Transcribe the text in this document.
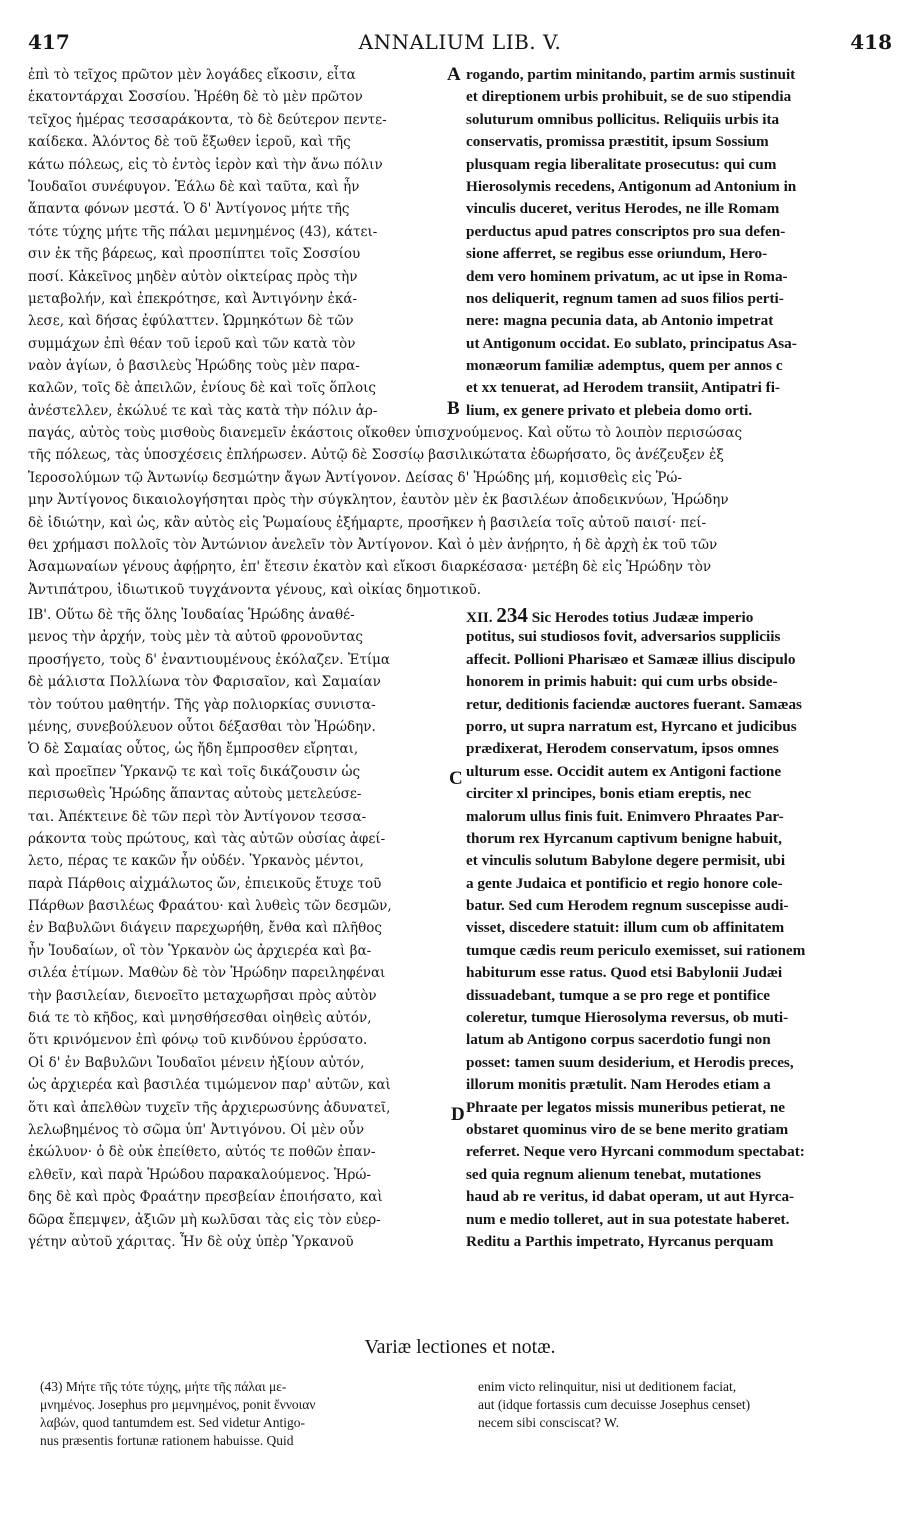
417	ANNALIUM LIB. V.	418
ἐπὶ τὸ τεῖχος πρῶτον μὲν λογάδες εἴκοσιν, εἶτα
ἑκατοντάρχαι Σοσσίου. Ἡρέθη δὲ τὸ μὲν πρῶτον
τεῖχος ἡμέρας τεσσαράκοντα, τὸ δὲ δεύτερον πεντε-
καίδεκα. Ἁλόντος δὲ τοῦ ἔξωθεν ἱεροῦ, καὶ τῆς
κάτω πόλεως, εἰς τὸ ἐντὸς ἱερὸν καὶ τὴν ἄνω πόλιν
Ἰουδαῖοι συνέφυγον. Ἑάλω δὲ καὶ ταῦτα, καὶ ἦν
ἅπαντα φόνων μεστά. Ὁ δ' Ἀντίγονος μήτε τῆς
τότε τύχης μήτε τῆς πάλαι μεμνημένος (43), κάτει-
σιν ἐκ τῆς βάρεως, καὶ προσπίπτει τοῖς Σοσσίου
ποσί. Κἀκεῖνος μηδὲν αὐτὸν οἰκτείρας πρὸς τὴν
μεταβολήν, καὶ ἐπεκρότησε, καὶ Ἀντιγόνην ἐκά-
λεσε, καὶ δήσας ἐφύλαττεν. Ὡρμηκότων δὲ τῶν
συμμάχων ἐπὶ θέαν τοῦ ἱεροῦ καὶ τῶν κατὰ τὸν
ναὸν ἁγίων, ὁ βασιλεὺς Ἡρώδης τοὺς μὲν παρα-
καλῶν, τοῖς δὲ ἀπειλῶν, ἐνίους δὲ καὶ τοῖς ὅπλοις
rogando, partim minitando, partim armis sustinuit
et direptionem urbis prohibuit, se de suo stipendia
soluturum omnibus pollicitus. Reliquiis urbis ita
conservatis, promissa præstitit, ipsum Sossium
plusquam regia liberalitate prosecutus: qui cum
Hierosolymis recedens, Antigonum ad Antonium in
vinculis duceret, veritus Herodes, ne ille Romam
perductus apud patres conscriptos pro sua defen-
sione afferret, se regibus esse oriundum, Hero-
dem vero hominem privatum, ac ut ipse in Roma-
nos deliquerit, regnum tamen ad suos filios perti-
nere: magna pecunia data, ab Antonio impetrat
ut Antigonum occidat. Eo sublato, principatus Asa-
monæorum familiæ ademptus, quem per annos c
et xx tenuerat, ad Herodem transiit, Antipatri fi-
A
ἀνέστελλεν, ἐκώλυέ τε καὶ τὰς κατὰ τὴν πόλιν ἁρ-	B lium, ex genere privato et plebeia domo orti.
παγάς, αὐτὸς τοὺς μισθοὺς διανεμεῖν ἑκάστοις οἴκοθεν ὑπισχνούμενος. Καὶ οὕτω τὸ λοιπὸν περισώσας
τῆς πόλεως, τὰς ὑποσχέσεις ἐπλήρωσεν. Αὐτῷ δὲ Σοσσίῳ βασιλικώτατα ἐδωρήσατο, ὃς ἀνέζευξεν ἐξ
Ἱεροσολύμων τῷ Ἀντωνίῳ δεσμώτην ἄγων Ἀντίγονον. Δείσας δ' Ἡρώδης μή, κομισθεὶς εἰς Ῥώ-
μην Ἀντίγονος δικαιολογήσηται πρὸς τὴν σύγκλητον, ἑαυτὸν μὲν ἐκ βασιλέων ἀποδεικνύων, Ἡρώδην
δὲ ἰδιώτην, καὶ ὡς, κἂν αὐτὸς εἰς Ῥωμαίους ἐξήμαρτε, προσῆκεν ἡ βασιλεία τοῖς αὐτοῦ παισί· πεί-
θει χρήμασι πολλοῖς τὸν Ἀντώνιον ἀνελεῖν τὸν Ἀντίγονον. Καὶ ὁ μὲν ἀνῄρητο, ἡ δὲ ἀρχὴ ἐκ τοῦ τῶν
Ἀσαμωναίων γένους ἀφῄρητο, ἐπ' ἔτεσιν ἑκατὸν καὶ εἴκοσι διαρκέσασα· μετέβη δὲ εἰς Ἡρώδην τὸν
Ἀντιπάτρου, ἰδιωτικοῦ τυγχάνοντα γένους, καὶ οἰκίας δημοτικοῦ.
ΙΒ'. Οὕτω δὲ τῆς ὅλης Ἰουδαίας Ἡρώδης ἀναθέ-
μενος τὴν ἀρχήν, τοὺς μὲν τὰ αὐτοῦ φρονοῦντας
προσήγετο, τοὺς δ' ἐναντιουμένους ἐκόλαζεν. Ἐτίμα
δὲ μάλιστα Πολλίωνα τὸν Φαρισαῖον, καὶ Σαμαίαν
τὸν τούτου μαθητήν. Τῆς γὰρ πολιορκίας συνιστα-
μένης, συνεβούλευον οὗτοι δέξασθαι τὸν Ἡρώδην.
Ὁ δὲ Σαμαίας οὗτος, ὡς ἤδη ἔμπροσθεν εἴρηται,
καὶ προεῖπεν Ὑρκανῷ τε καὶ τοῖς δικάζουσιν ὡς
περισωθεὶς Ἡρώδης ἅπαντας αὐτοὺς μετελεύσε-
ται. Ἀπέκτεινε δὲ τῶν περὶ τὸν Ἀντίγονον τεσσα-
ράκοντα τοὺς πρώτους, καὶ τὰς αὐτῶν οὐσίας ἀφεί-
λετο, πέρας τε κακῶν ἦν οὐδέν. Ὑρκανὸς μέντοι,
παρὰ Πάρθοις αἰχμάλωτος ὤν, ἐπιεικοῦς ἔτυχε τοῦ
Πάρθων βασιλέως Φραάτου· καὶ λυθεὶς τῶν δεσμῶν,
ἐν Βαβυλῶνι διάγειν παρεχωρήθη, ἔνθα καὶ πλῆθος
ἦν Ἰουδαίων, οἳ τὸν Ὑρκανὸν ὡς ἀρχιερέα καὶ βα-
σιλέα ἐτίμων. Μαθὼν δὲ τὸν Ἡρώδην παρειληφέναι
τὴν βασιλείαν, διενοεῖτο μεταχωρῆσαι πρὸς αὐτὸν
διά τε τὸ κῆδος, καὶ μνησθήσεσθαι οἰηθεὶς αὐτόν,
ὅτι κρινόμενον ἐπὶ φόνῳ τοῦ κινδύνου ἐρρύσατο.
Οἱ δ' ἐν Βαβυλῶνι Ἰουδαῖοι μένειν ἠξίουν αὐτόν,
ὡς ἀρχιερέα καὶ βασιλέα τιμώμενον παρ' αὐτῶν, καὶ
ὅτι καὶ ἀπελθὼν τυχεῖν τῆς ἀρχιερωσύνης ἀδυνατεῖ,
λελωβημένος τὸ σῶμα ὑπ' Ἀντιγόνου. Οἱ μὲν οὖν
ἐκώλυον· ὁ δὲ οὐκ ἐπείθετο, αὐτός τε ποθῶν ἐπαν-
ελθεῖν, καὶ παρὰ Ἡρώδου παρακαλούμενος. Ἡρώ-
δης δὲ καὶ πρὸς Φραάτην πρεσβείαν ἐποιήσατο, καὶ
δῶρα ἔπεμψεν, ἀξιῶν μὴ κωλῦσαι τὰς εἰς τὸν εὐερ-
γέτην αὐτοῦ χάριτας. Ἦν δὲ οὐχ ὑπὲρ Ὑρκανοῦ
XII. 234 Sic Herodes totius Judææ imperio
potitus, sui studiosos fovit, adversarios suppliciis
affecit. Pollioni Pharisæo et Samææ illius discipulo
honorem in primis habuit: qui cum urbs obside-
retur, deditionis faciendæ auctores fuerant. Samæas
porro, ut supra narratum est, Hyrcano et judicibus
prædixerat, Herodem conservatum, ipsos omnes
ulturum esse. Occidit autem ex Antigoni factione
circiter xl principes, bonis etiam ereptis, nec
malorum ullus finis fuit. Enimvero Phraates Par-
thorum rex Hyrcanum captivum benigne habuit,
et vinculis solutum Babylone degere permisit, ubi
a gente Judaica et pontificio et regio honore cole-
batur. Sed cum Herodem regnum suscepisse audi-
visset, discedere statuit: illum cum ob affinitatem
tumque cædis reum periculo exemisset, sui rationem
habiturum esse ratus. Quod etsi Babylonii Judæi
dissuadebant, tumque a se pro rege et pontifice
coleretur, tumque Hierosolyma reversus, ob muti-
latum ab Antigono corpus sacerdotio fungi non
posset: tamen suum desiderium, et Herodis preces,
illorum monitis prætulit. Nam Herodes etiam a
Phraate per legatos missis muneribus petierat, ne
obstaret quominus viro de se bene merito gratiam
referret. Neque vero Hyrcani commodum spectabat:
sed quia regnum alienum tenebat, mutationes
haud ab re veritus, id dabat operam, ut aut Hyrca-
num e medio tolleret, aut in sua potestate haberet.
Reditu a Parthis impetrato, Hyrcanus perquam
C
D
Variæ lectiones et notæ.
(43) Μήτε τῆς τότε τύχης, μήτε τῆς πάλαι με-
μνημένος. Josephus pro μεμνημένος, ponit ἔννοιαν
λαβών, quod tantumdem est. Sed videtur Antigo-
nus præsentis fortunæ rationem habuisse. Quid
enim victo relinquitur, nisi ut deditionem faciat,
aut (idque fortassis cum decuisse Josephus censet)
necem sibi consciscat? W.
